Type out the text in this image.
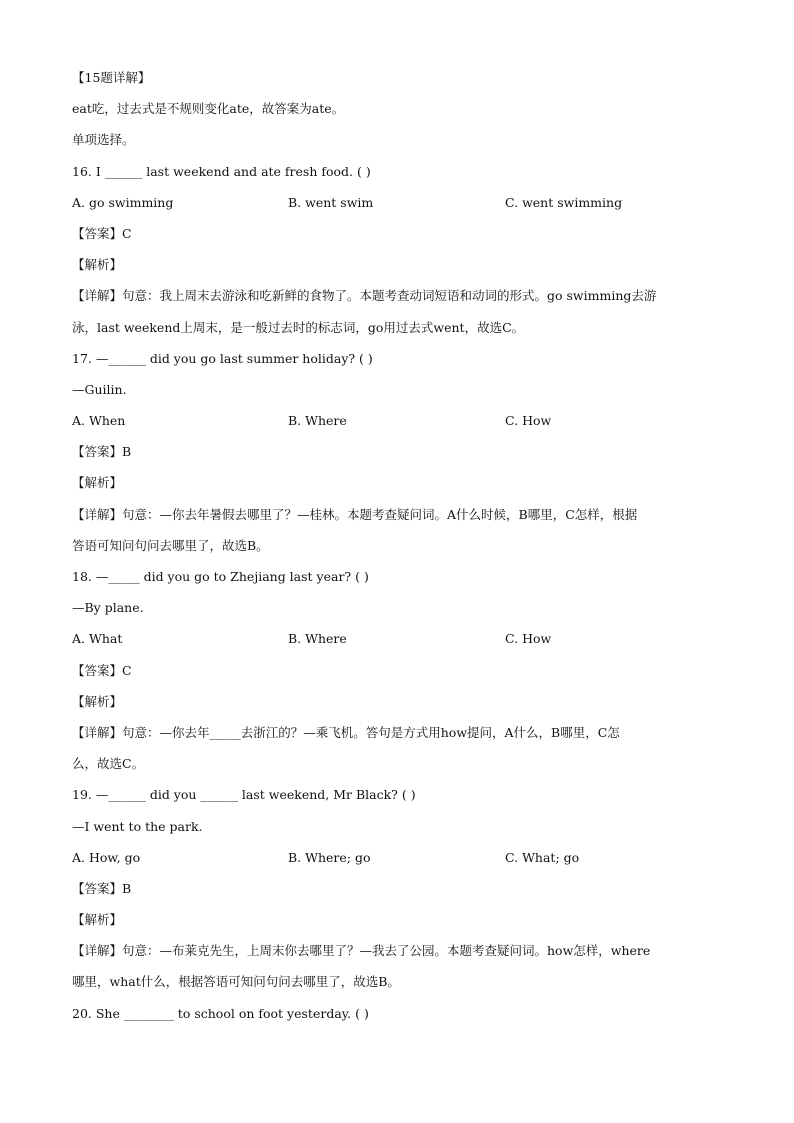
【15题详解】
eat吃，过去式是不规则变化ate，故答案为ate。
单项选择。
16. I ______ last weekend and ate fresh food. ( )
A. go swimming	B. went swim	C. went swimming
【答案】C
【解析】
【详解】句意：我上周末去游泳和吃新鲜的食物了。本题考查动词短语和动词的形式。go swimming去游
泳，last weekend上周末，是一般过去时的标志词，go用过去式went，故选C。
17. —______ did you go last summer holiday? ( )
—Guilin.
A. When	B. Where	C. How
【答案】B
【解析】
【详解】句意：—你去年暑假去哪里了？—桂林。本题考查疑问词。A什么时候，B哪里，C怎样，根据
答语可知问句问去哪里了，故选B。
18. —_____ did you go to Zhejiang last year? ( )
—By plane.
A. What	B. Where	C. How
【答案】C
【解析】
【详解】句意：—你去年_____去浙江的？—乘飞机。答句是方式用how提问，A什么，B哪里，C怎
么，故选C。
19. —______ did you ______ last weekend, Mr Black? ( )
—I went to the park.
A. How, go	B. Where; go	C. What; go
【答案】B
【解析】
【详解】句意：—布莱克先生，上周末你去哪里了？—我去了公园。本题考查疑问词。how怎样，where
哪里，what什么，根据答语可知问句问去哪里了，故选B。
20. She ________ to school on foot yesterday. ( )
